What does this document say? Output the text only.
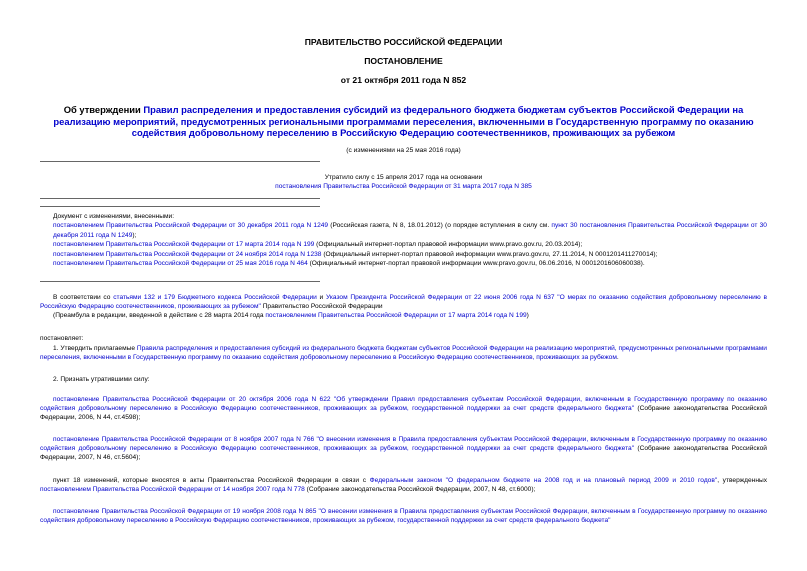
ПРАВИТЕЛЬСТВО РОССИЙСКОЙ ФЕДЕРАЦИИ
ПОСТАНОВЛЕНИЕ
от 21 октября 2011 года N 852
Об утверждении Правил распределения и предоставления субсидий из федерального бюджета бюджетам субъектов Российской Федерации на реализацию мероприятий, предусмотренных региональными программами переселения, включенными в Государственную программу по оказанию содействия добровольному переселению в Российскую Федерацию соотечественников, проживающих за рубежом
(с изменениями на 25 мая 2016 года)
Утратило силу с 15 апреля 2017 года на основании
постановления Правительства Российской Федерации от 31 марта 2017 года N 385
Документ с изменениями, внесенными:
постановлением Правительства Российской Федерации от 30 декабря 2011 года N 1249 (Российская газета, N 8, 18.01.2012) (о порядке вступления в силу см. пункт 30 постановления Правительства Российской Федерации от 30 декабря 2011 года N 1249);
постановлением Правительства Российской Федерации от 17 марта 2014 года N 199 (Официальный интернет-портал правовой информации www.pravo.gov.ru, 20.03.2014);
постановлением Правительства Российской Федерации от 24 ноября 2014 года N 1238 (Официальный интернет-портал правовой информации www.pravo.gov.ru, 27.11.2014, N 0001201411270014);
постановлением Правительства Российской Федерации от 25 мая 2016 года N 464 (Официальный интернет-портал правовой информации www.pravo.gov.ru, 06.06.2016, N 0001201606060038).
В соответствии со статьями 132 и 179 Бюджетного кодекса Российской Федерации и Указом Президента Российской Федерации от 22 июня 2006 года N 637 "О мерах по оказанию содействия добровольному переселению в Российскую Федерацию соотечественников, проживающих за рубежом" Правительство Российской Федерации
(Преамбула в редакции, введенной в действие с 28 марта 2014 года постановлением Правительства Российской Федерации от 17 марта 2014 года N 199)
постановляет:
1. Утвердить прилагаемые Правила распределения и предоставления субсидий из федерального бюджета бюджетам субъектов Российской Федерации на реализацию мероприятий, предусмотренных региональными программами переселения, включенными в Государственную программу по оказанию содействия добровольному переселению в Российскую Федерацию соотечественников, проживающих за рубежом.
2. Признать утратившими силу:
постановление Правительства Российской Федерации от 20 октября 2006 года N 622 "Об утверждении Правил предоставления субъектам Российской Федерации, включенным в Государственную программу по оказанию содействия добровольному переселению в Российскую Федерацию соотечественников, проживающих за рубежом, государственной поддержки за счет средств федерального бюджета" (Собрание законодательства Российской Федерации, 2006, N 44, ст.4598);
постановление Правительства Российской Федерации от 8 ноября 2007 года N 766 "О внесении изменения в Правила предоставления субъектам Российской Федерации, включенным в Государственную программу по оказанию содействия добровольному переселению в Российскую Федерацию соотечественников, проживающих за рубежом, государственной поддержки за счет средств федерального бюджета" (Собрание законодательства Российской Федерации, 2007, N 46, ст.5604);
пункт 18 изменений, которые вносятся в акты Правительства Российской Федерации в связи с Федеральным законом "О федеральном бюджете на 2008 год и на плановый период 2009 и 2010 годов", утвержденных постановлением Правительства Российской Федерации от 14 ноября 2007 года N 778 (Собрание законодательства Российской Федерации, 2007, N 48, ст.6000);
постановление Правительства Российской Федерации от 19 ноября 2008 года N 865 "О внесении изменения в Правила предоставления субъектам Российской Федерации, включенным в Государственную программу по оказанию содействия добровольному переселению в Российскую Федерацию соотечественников, проживающих за рубежом, государственной поддержки за счет средств федерального бюджета"
